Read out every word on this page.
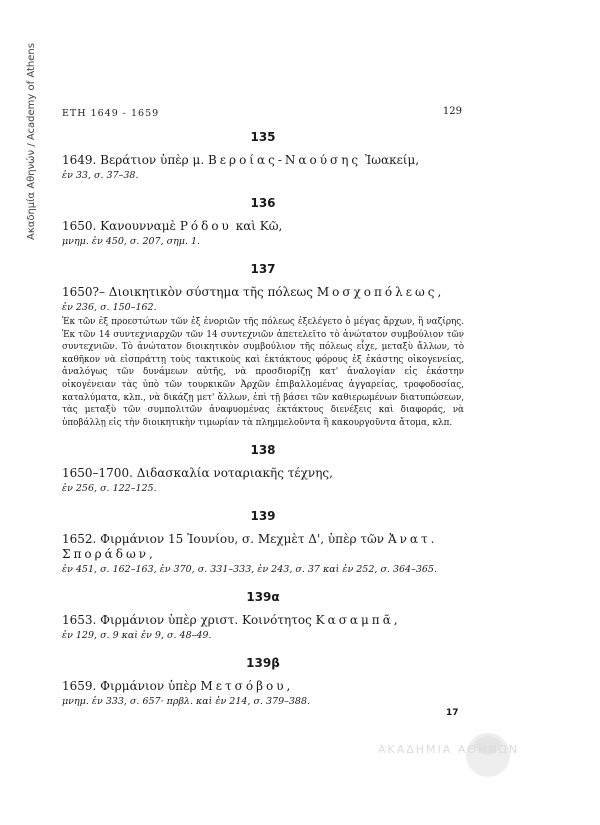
Ακαδημία Αθηνών / Academy of Athens	ΕΤΗ 1649 - 1659	129
135

1649. Βεράτιον ὑπὲρ μ. Βεροίας-Ναούσης Ἰωακείμ,

ἐν 33, σ. 37–38.

136

1650. Κανουνναμὲ Ρόδου καὶ Κῶ,

μνημ. ἐν 450, σ. 207, σημ. 1.

137

1650?– Διοικητικὸν σύστημα τῆς πόλεως Μοσχοπόλεως,

ἐν 236, σ. 150–162.

Ἐκ τῶν ἐξ προεστώτων τῶν ἐξ ἐνοριῶν τῆς πόλεως ἐξελέγετο ὁ μέγας ἄρχων, ἢ ναζίρης. Ἐκ τῶν 14 συντεχνιαρχῶν τῶν 14 συντεχνιῶν ἀπετελεῖτο τὸ ἀνώτατον συμβούλιον τῶν συντεχνιῶν. Τὸ ἀνώτατον διοικητικὸν συμβούλιον τῆς πόλεως εἶχε, μεταξὺ ἄλλων, τὸ καθῆκον νὰ εἰσπράττῃ τοὺς τακτικοὺς καὶ ἐκτάκτους φόρους ἐξ ἑκάστης οἰκογενείας, ἀναλόγως τῶν δυνάμεων αὐτῆς, νὰ προσδιορίζῃ κατ' ἀναλογίαν εἰς ἑκάστην οἰκογένειαν τὰς ὑπὸ τῶν τουρκικῶν Ἀρχῶν ἐπιβαλλομένας ἀγγαρείας, τροφοδοσίας, καταλύματα, κλπ., νὰ δικάζῃ μετ' ἄλλων, ἐπὶ τῇ βάσει τῶν καθιερωμένων διατυπώσεων, τὰς μεταξὺ τῶν συμπολιτῶν ἀναφυομένας ἐκτάκτους διενέξεις καὶ διαφοράς, νὰ ὑποβάλλῃ εἰς τὴν διοικητικὴν τιμωρίαν τὰ πλημμελοῦντα ἢ κακουργοῦντα ἄτομα, κλπ.

138

1650–1700. Διδασκαλία νοταριακῆς τέχνης,

ἐν 256, σ. 122–125.

139

1652. Φιρμάνιον 15 Ἰουνίου, σ. Μεχμὲτ Δ', ὑπὲρ τῶν Ἀνατ. Σποράδων,

ἐν 451, σ. 162–163, ἐν 370, σ. 331–333, ἐν 243, σ. 37 καὶ ἐν 252, σ. 364–365.

139α

1653. Φιρμάνιον ὑπὲρ χριστ. Κοινότητος Κασαμπᾶ,

ἐν 129, σ. 9 καὶ ἐν 9, σ. 48–49.

139β

1659. Φιρμάνιον ὑπὲρ Μετσόβου,

μνημ. ἐν 333, σ. 657· πρβλ. καὶ ἐν 214, σ. 379–388.

17
ΑΚΑΔΗΜΙΑ ΑΘΗΝΩΝ
